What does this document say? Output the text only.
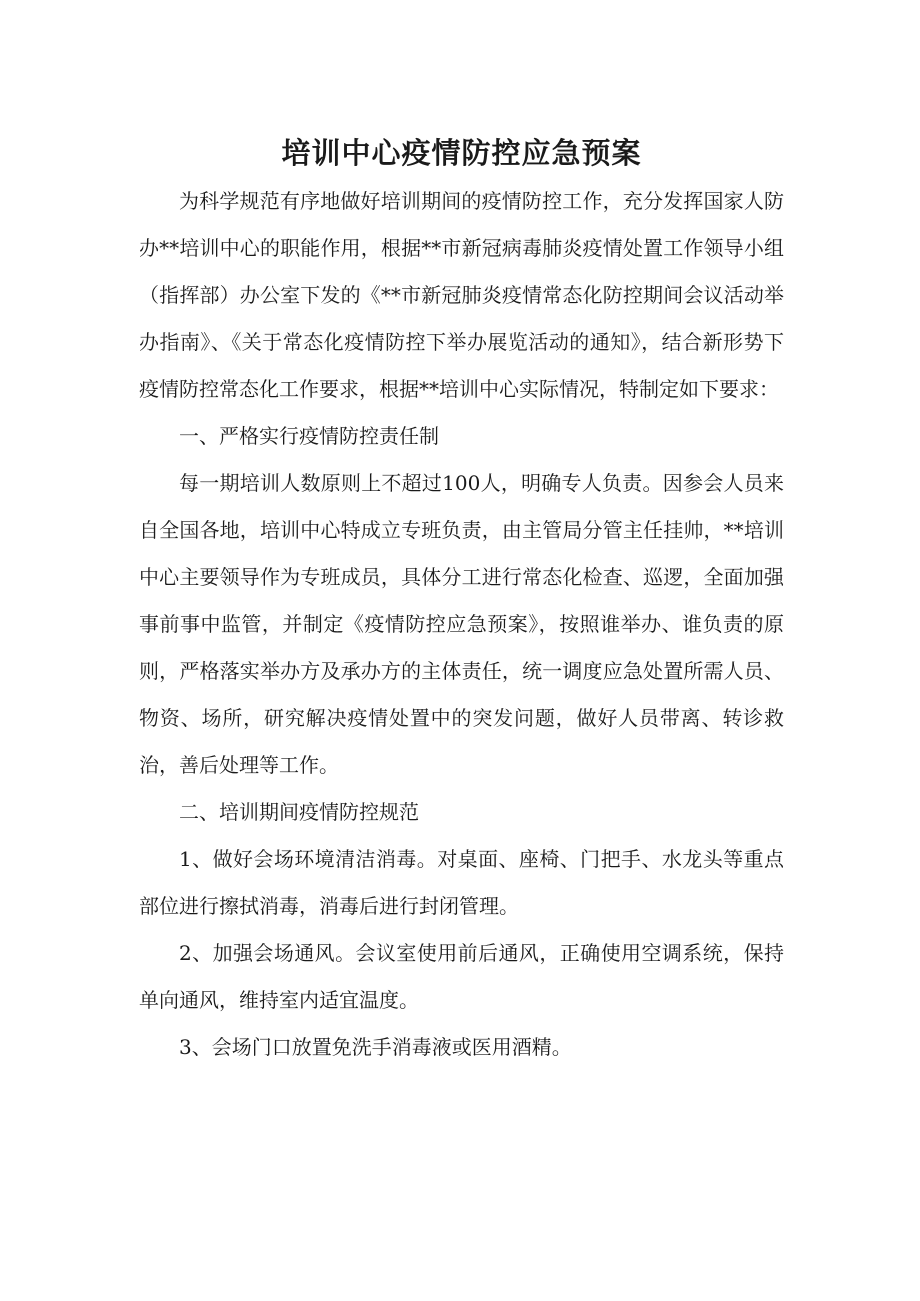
培训中心疫情防控应急预案

为科学规范有序地做好培训期间的疫情防控工作，充分发挥国家人防办**培训中心的职能作用，根据**市新冠病毒肺炎疫情处置工作领导小组（指挥部）办公室下发的《**市新冠肺炎疫情常态化防控期间会议活动举办指南》、《关于常态化疫情防控下举办展览活动的通知》，结合新形势下疫情防控常态化工作要求，根据**培训中心实际情况，特制定如下要求：

一、严格实行疫情防控责任制

每一期培训人数原则上不超过100人，明确专人负责。因参会人员来自全国各地，培训中心特成立专班负责，由主管局分管主任挂帅，**培训中心主要领导作为专班成员，具体分工进行常态化检查、巡逻，全面加强事前事中监管，并制定《疫情防控应急预案》，按照谁举办、谁负责的原则，严格落实举办方及承办方的主体责任，统一调度应急处置所需人员、物资、场所，研究解决疫情处置中的突发问题，做好人员带离、转诊救治，善后处理等工作。

二、培训期间疫情防控规范

1、做好会场环境清洁消毒。对桌面、座椅、门把手、水龙头等重点部位进行擦拭消毒，消毒后进行封闭管理。

2、加强会场通风。会议室使用前后通风，正确使用空调系统，保持单向通风，维持室内适宜温度。

3、会场门口放置免洗手消毒液或医用酒精。
